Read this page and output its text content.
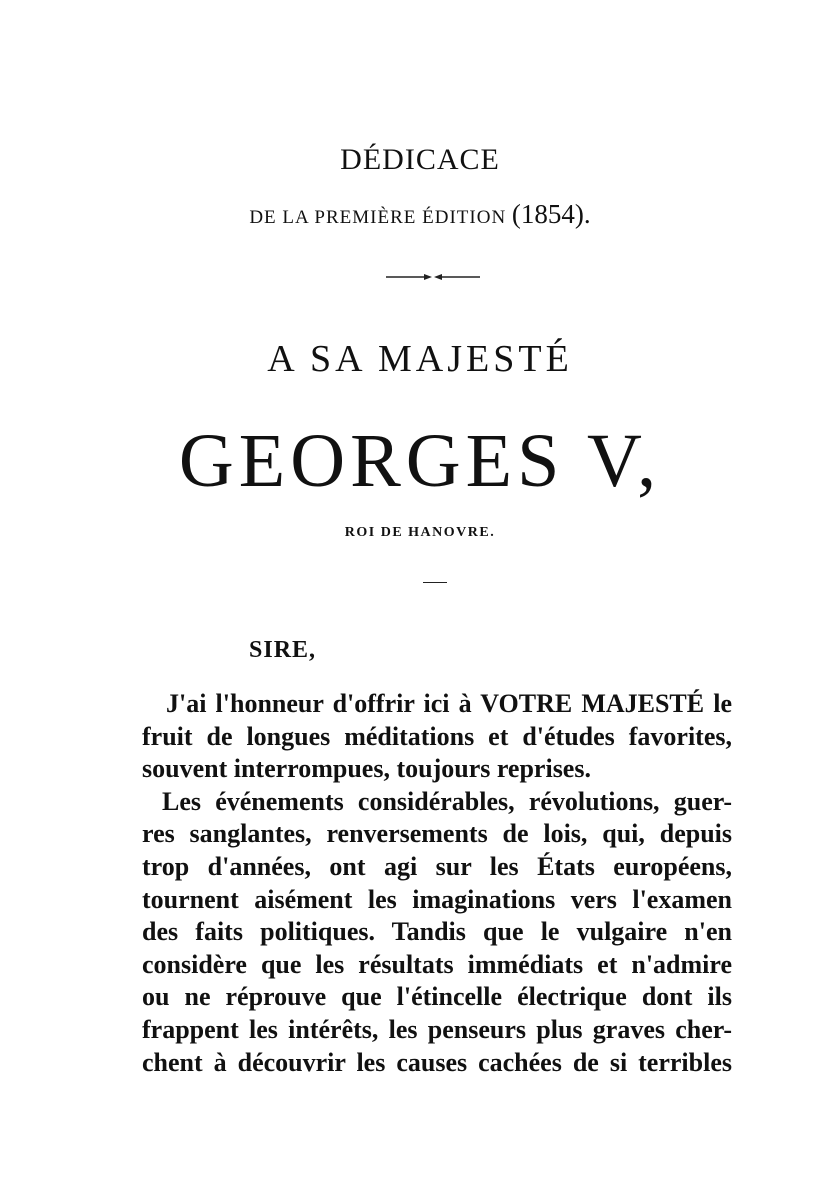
DÉDICACE
DE LA PREMIÈRE ÉDITION (1854).
A SA MAJESTÉ
GEORGES V,
ROI DE HANOVRE.
SIRE,
J'ai l'honneur d'offrir ici à VOTRE MAJESTÉ le
fruit de longues méditations et d'études favorites,
souvent interrompues, toujours reprises.
Les événements considérables, révolutions, guer-
res sanglantes, renversements de lois, qui, depuis
trop d'années, ont agi sur les États européens,
tournent aisément les imaginations vers l'examen
des faits politiques. Tandis que le vulgaire n'en
considère que les résultats immédiats et n'admire
ou ne réprouve que l'étincelle électrique dont ils
frappent les intérêts, les penseurs plus graves cher-
chent à découvrir les causes cachées de si terribles
